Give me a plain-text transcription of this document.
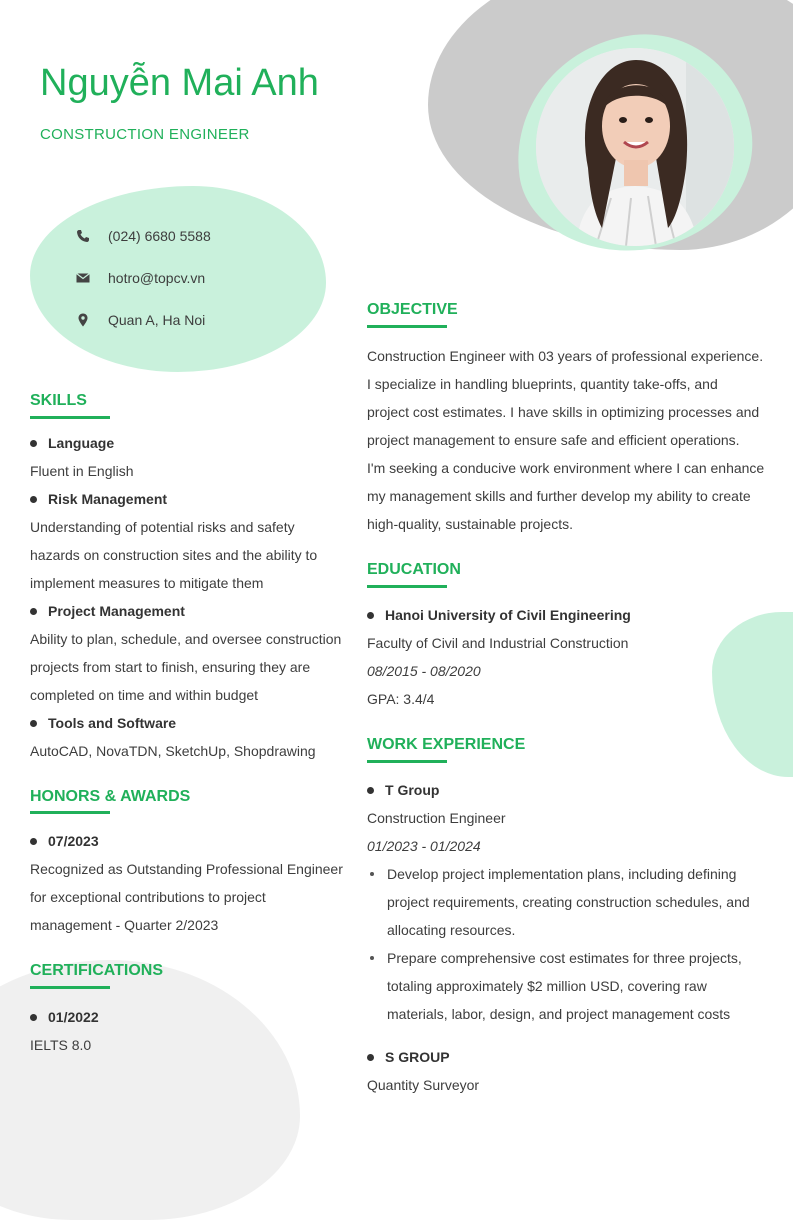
Nguyễn Mai Anh
CONSTRUCTION ENGINEER
(024) 6680 5588
hotro@topcv.vn
Quan A, Ha Noi
SKILLS
Language
Fluent in English
Risk Management
Understanding of potential risks and safety
hazards on construction sites and the ability to
implement measures to mitigate them
Project Management
Ability to plan, schedule, and oversee construction
projects from start to finish, ensuring they are
completed on time and within budget
Tools and Software
AutoCAD, NovaTDN, SketchUp, Shopdrawing
HONORS & AWARDS
07/2023
Recognized as Outstanding Professional Engineer
for exceptional contributions to project
management - Quarter 2/2023
CERTIFICATIONS
01/2022
IELTS 8.0
OBJECTIVE
Construction Engineer with 03 years of professional experience.
I specialize in handling blueprints, quantity take-offs, and
project cost estimates. I have skills in optimizing processes and
project management to ensure safe and efficient operations.
I'm seeking a conducive work environment where I can enhance
my management skills and further develop my ability to create
high-quality, sustainable projects.
EDUCATION
Hanoi University of Civil Engineering
Faculty of Civil and Industrial Construction
08/2015 - 08/2020
GPA: 3.4/4
WORK EXPERIENCE
T Group
Construction Engineer
01/2023 - 01/2024
Develop project implementation plans, including defining
project requirements, creating construction schedules, and
allocating resources.
Prepare comprehensive cost estimates for three projects,
totaling approximately $2 million USD, covering raw
materials, labor, design, and project management costs
S GROUP
Quantity Surveyor
